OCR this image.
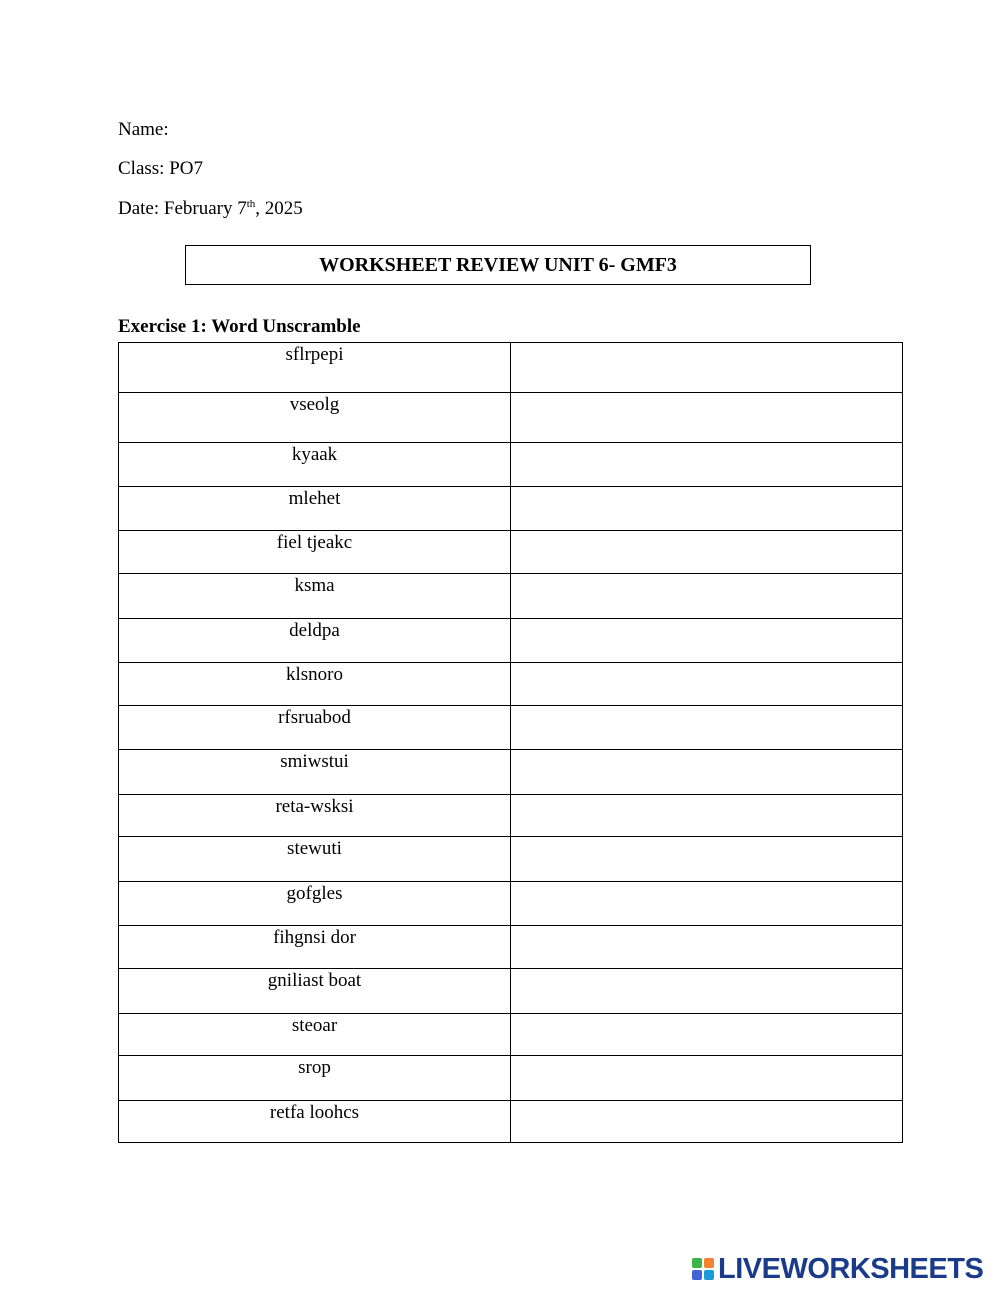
Name:
Class: PO7
Date: February 7th, 2025
WORKSHEET REVIEW UNIT 6- GMF3
Exercise 1: Word Unscramble
sflrpepi	
vseolg	
kyaak	
mlehet	
fiel tjeakc	
ksma	
deldpa	
klsnoro	
rfsruabod	
smiwstui	
reta-wsksi	
stewuti	
gofgles	
fihgnsi dor	
gniliast boat	
steoar	
srop	
retfa loohcs	
LIVEWORKSHEETS
